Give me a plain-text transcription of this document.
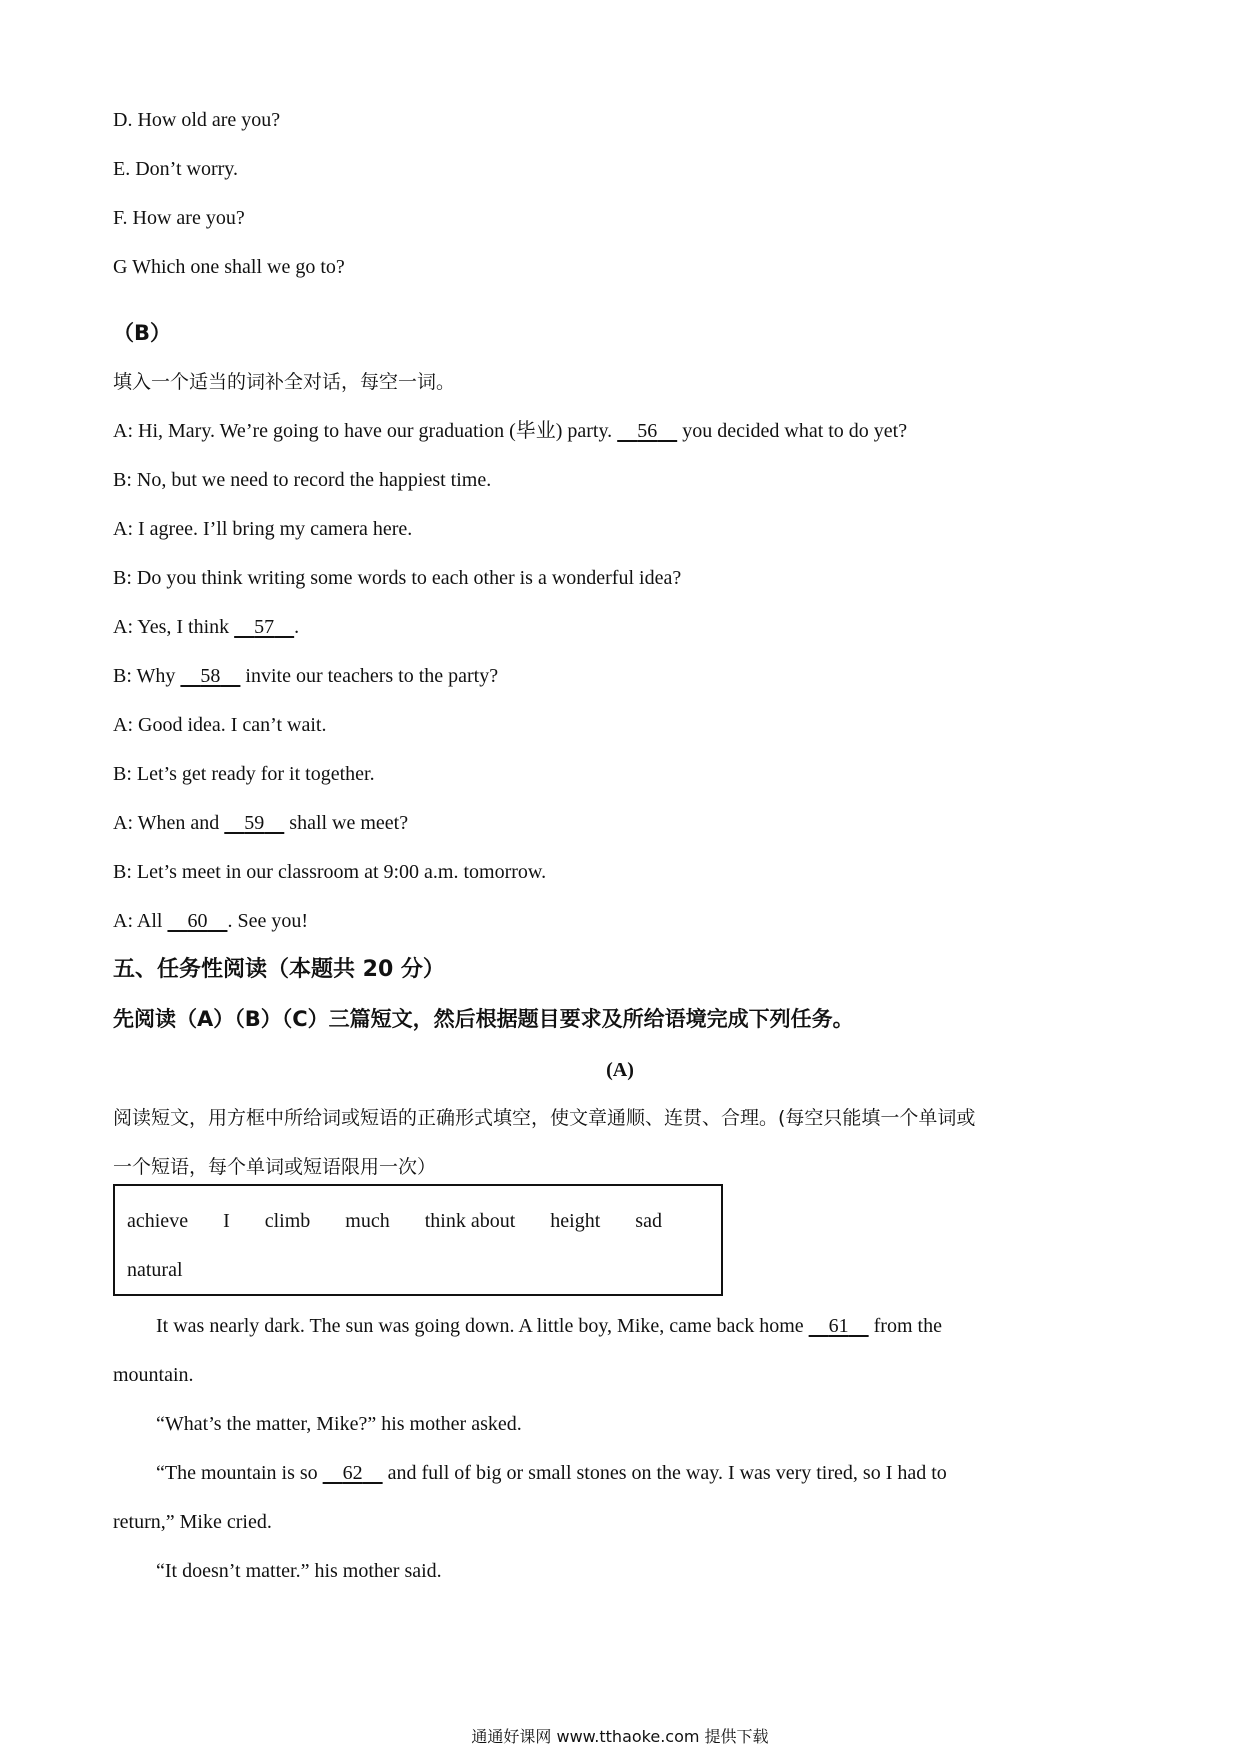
D. How old are you?
E. Don’t worry.
F. How are you?
G Which one shall we go to?
（B）
填入一个适当的词补全对话，每空一词。
A: Hi, Mary. We’re going to have our graduation (毕业) party. 56 you decided what to do yet?
B: No, but we need to record the happiest time.
A: I agree. I’ll bring my camera here.
B: Do you think writing some words to each other is a wonderful idea?
A: Yes, I think 57 .
B: Why 58 invite our teachers to the party?
A: Good idea. I can’t wait.
B: Let’s get ready for it together.
A: When and 59 shall we meet?
B: Let’s meet in our classroom at 9:00 a.m. tomorrow.
A: All 60 . See you!
五、任务性阅读（本题共 20 分）
先阅读（A）（B）（C）三篇短文，然后根据题目要求及所给语境完成下列任务。
(A)
阅读短文，用方框中所给词或短语的正确形式填空，使文章通顺、连贯、合理。(每空只能填一个单词或
一个短语，每个单词或短语限用一次）
achieve I climb much think about height sad
natural
It was nearly dark. The sun was going down. A little boy, Mike, came back home 61 from the
mountain.
“What’s the matter, Mike?” his mother asked.
“The mountain is so 62 and full of big or small stones on the way. I was very tired, so I had to
return,” Mike cried.
“It doesn’t matter.” his mother said.
通通好课网 www.tthaoke.com 提供下载
